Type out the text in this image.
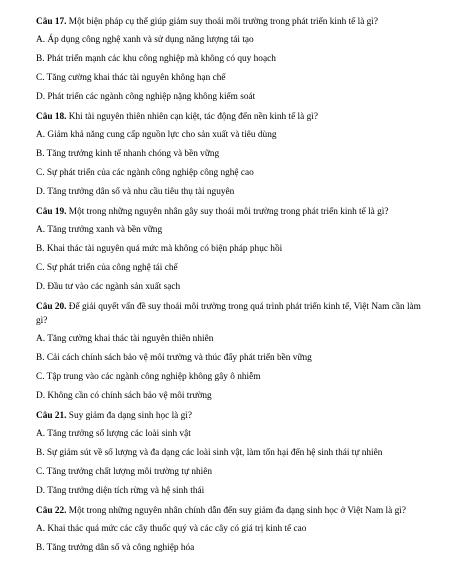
Câu 17. Một biện pháp cụ thể giúp giảm suy thoái môi trường trong phát triển kinh tế là gì?

A. Áp dụng công nghệ xanh và sử dụng năng lượng tái tạo

B. Phát triển mạnh các khu công nghiệp mà không có quy hoạch

C. Tăng cường khai thác tài nguyên không hạn chế

D. Phát triển các ngành công nghiệp nặng không kiểm soát

Câu 18. Khi tài nguyên thiên nhiên cạn kiệt, tác động đến nền kinh tế là gì?

A. Giảm khả năng cung cấp nguồn lực cho sản xuất và tiêu dùng

B. Tăng trưởng kinh tế nhanh chóng và bền vững

C. Sự phát triển của các ngành công nghiệp công nghệ cao

D. Tăng trưởng dân số và nhu cầu tiêu thụ tài nguyên

Câu 19. Một trong những nguyên nhân gây suy thoái môi trường trong phát triển kinh tế là gì?

A. Tăng trưởng xanh và bền vững

B. Khai thác tài nguyên quá mức mà không có biện pháp phục hồi

C. Sự phát triển của công nghệ tái chế

D. Đầu tư vào các ngành sản xuất sạch

Câu 20. Để giải quyết vấn đề suy thoái môi trường trong quá trình phát triển kinh tế, Việt Nam cần làm gì?

A. Tăng cường khai thác tài nguyên thiên nhiên

B. Cải cách chính sách bảo vệ môi trường và thúc đẩy phát triển bền vững

C. Tập trung vào các ngành công nghiệp không gây ô nhiễm

D. Không cần có chính sách bảo vệ môi trường

Câu 21. Suy giảm đa dạng sinh học là gì?

A. Tăng trưởng số lượng các loài sinh vật

B. Sự giảm sút về số lượng và đa dạng các loài sinh vật, làm tổn hại đến hệ sinh thái tự nhiên

C. Tăng trưởng chất lượng môi trường tự nhiên

D. Tăng trưởng diện tích rừng và hệ sinh thái

Câu 22. Một trong những nguyên nhân chính dẫn đến suy giảm đa dạng sinh học ở Việt Nam là gì?

A. Khai thác quá mức các cây thuốc quý và các cây có giá trị kinh tế cao

B. Tăng trưởng dân số và công nghiệp hóa
